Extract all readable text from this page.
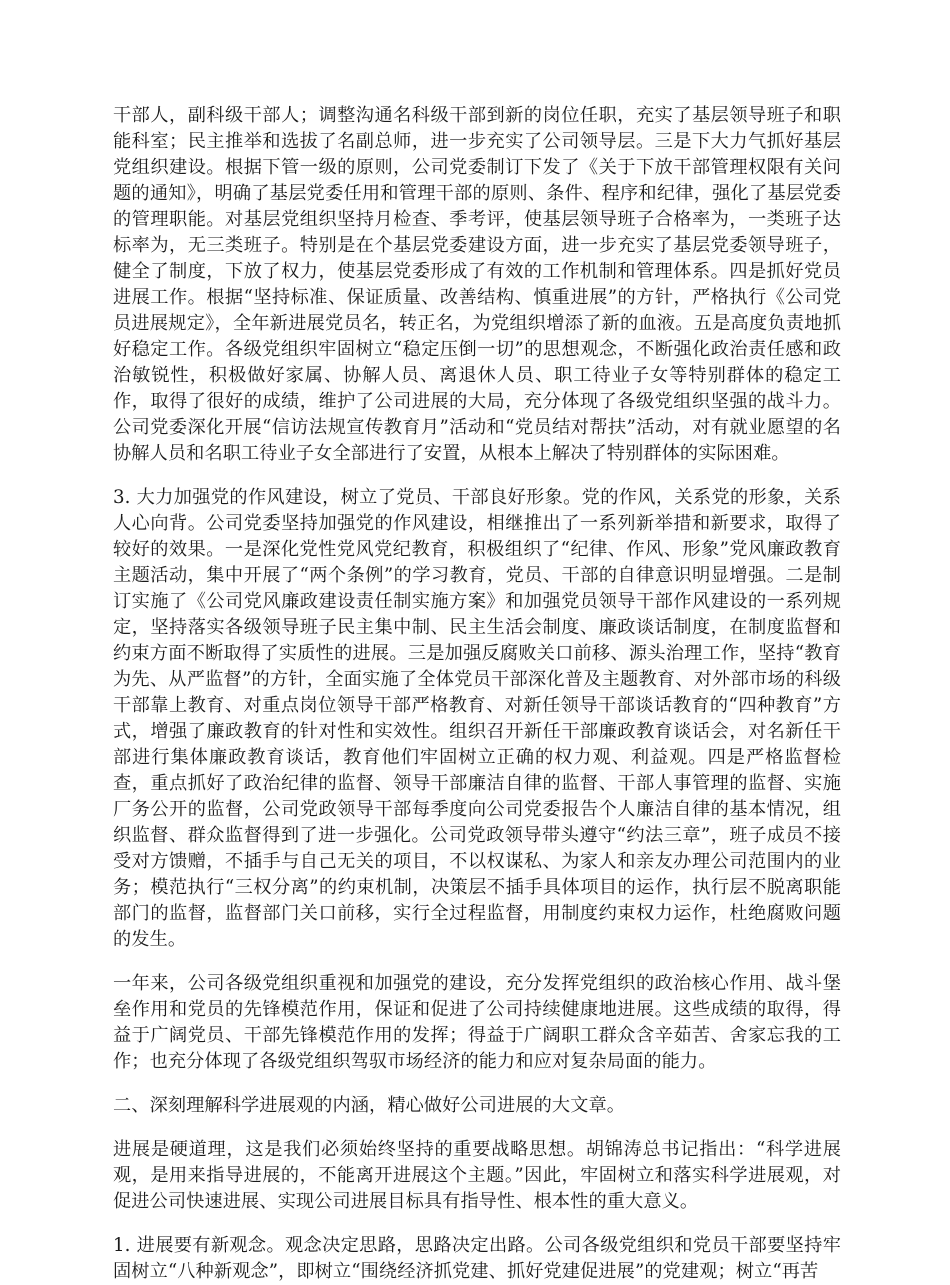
干部人，副科级干部人；调整沟通名科级干部到新的岗位任职，充实了基层领导班子和职能科室；民主推举和选拔了名副总师，进一步充实了公司领导层。三是下大力气抓好基层党组织建设。根据下管一级的原则，公司党委制订下发了《关于下放干部管理权限有关问题的通知》，明确了基层党委任用和管理干部的原则、条件、程序和纪律，强化了基层党委的管理职能。对基层党组织坚持月检查、季考评，使基层领导班子合格率为，一类班子达标率为，无三类班子。特别是在个基层党委建设方面，进一步充实了基层党委领导班子，健全了制度，下放了权力，使基层党委形成了有效的工作机制和管理体系。四是抓好党员进展工作。根据“坚持标准、保证质量、改善结构、慎重进展”的方针，严格执行《公司党员进展规定》，全年新进展党员名，转正名，为党组织增添了新的血液。五是高度负责地抓好稳定工作。各级党组织牢固树立“稳定压倒一切”的思想观念，不断强化政治责任感和政治敏锐性，积极做好家属、协解人员、离退休人员、职工待业子女等特别群体的稳定工作，取得了很好的成绩，维护了公司进展的大局，充分体现了各级党组织坚强的战斗力。公司党委深化开展“信访法规宣传教育月”活动和“党员结对帮扶”活动，对有就业愿望的名协解人员和名职工待业子女全部进行了安置，从根本上解决了特别群体的实际困难。

3. 大力加强党的作风建设，树立了党员、干部良好形象。党的作风，关系党的形象，关系人心向背。公司党委坚持加强党的作风建设，相继推出了一系列新举措和新要求，取得了较好的效果。一是深化党性党风党纪教育，积极组织了“纪律、作风、形象”党风廉政教育主题活动，集中开展了“两个条例”的学习教育，党员、干部的自律意识明显增强。二是制订实施了《公司党风廉政建设责任制实施方案》和加强党员领导干部作风建设的一系列规定，坚持落实各级领导班子民主集中制、民主生活会制度、廉政谈话制度，在制度监督和约束方面不断取得了实质性的进展。三是加强反腐败关口前移、源头治理工作，坚持“教育为先、从严监督”的方针，全面实施了全体党员干部深化普及主题教育、对外部市场的科级干部靠上教育、对重点岗位领导干部严格教育、对新任领导干部谈话教育的“四种教育”方式，增强了廉政教育的针对性和实效性。组织召开新任干部廉政教育谈话会，对名新任干部进行集体廉政教育谈话，教育他们牢固树立正确的权力观、利益观。四是严格监督检查，重点抓好了政治纪律的监督、领导干部廉洁自律的监督、干部人事管理的监督、实施厂务公开的监督，公司党政领导干部每季度向公司党委报告个人廉洁自律的基本情况，组织监督、群众监督得到了进一步强化。公司党政领导带头遵守“约法三章”，班子成员不接受对方馈赠，不插手与自己无关的项目，不以权谋私、为家人和亲友办理公司范围内的业务；模范执行“三权分离”的约束机制，决策层不插手具体项目的运作，执行层不脱离职能部门的监督，监督部门关口前移，实行全过程监督，用制度约束权力运作，杜绝腐败问题的发生。

一年来，公司各级党组织重视和加强党的建设，充分发挥党组织的政治核心作用、战斗堡垒作用和党员的先锋模范作用，保证和促进了公司持续健康地进展。这些成绩的取得，得益于广阔党员、干部先锋模范作用的发挥；得益于广阔职工群众含辛茹苦、舍家忘我的工作；也充分体现了各级党组织驾驭市场经济的能力和应对复杂局面的能力。

二、深刻理解科学进展观的内涵，精心做好公司进展的大文章。

进展是硬道理，这是我们必须始终坚持的重要战略思想。胡锦涛总书记指出：“科学进展观，是用来指导进展的，不能离开进展这个主题。”因此，牢固树立和落实科学进展观，对促进公司快速进展、实现公司进展目标具有指导性、根本性的重大意义。

1. 进展要有新观念。观念决定思路，思路决定出路。公司各级党组织和党员干部要坚持牢固树立“八种新观念”，即树立“围绕经济抓党建、抓好党建促进展”的党建观；树立“再苦
